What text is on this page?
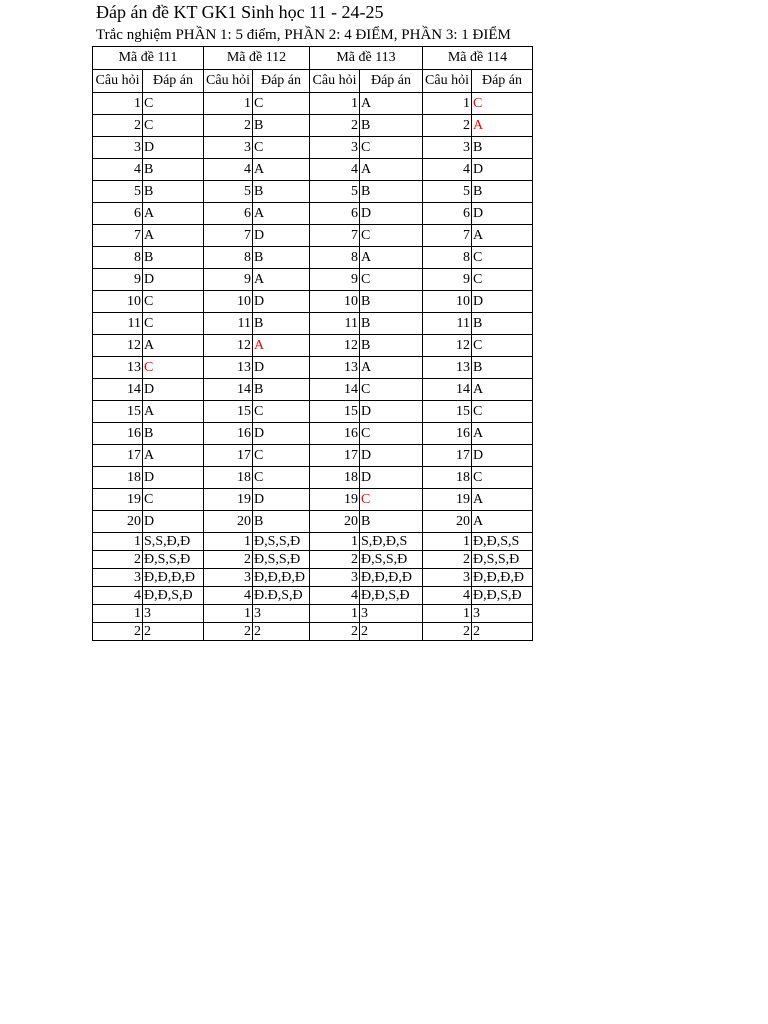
Đáp án đề KT GK1 Sinh học 11 - 24-25
Trắc nghiệm PHẦN 1: 5 điểm, PHẦN 2: 4 ĐIỂM, PHẦN 3: 1 ĐIỂM
Mã đề 111		Mã đề 112		Mã đề 113		Mã đề 114	
Câu hỏi	Đáp án	Câu hỏi	Đáp án	Câu hỏi	Đáp án	Câu hỏi	Đáp án
1	C	1	C	1	A	1	C
2	C	2	B	2	B	2	A
3	D	3	C	3	C	3	B
4	B	4	A	4	A	4	D
5	B	5	B	5	B	5	B
6	A	6	A	6	D	6	D
7	A	7	D	7	C	7	A
8	B	8	B	8	A	8	C
9	D	9	A	9	C	9	C
10	C	10	D	10	B	10	D
11	C	11	B	11	B	11	B
12	A	12	A	12	B	12	C
13	C	13	D	13	A	13	B
14	D	14	B	14	C	14	A
15	A	15	C	15	D	15	C
16	B	16	D	16	C	16	A
17	A	17	C	17	D	17	D
18	D	18	C	18	D	18	C
19	C	19	D	19	C	19	A
20	D	20	B	20	B	20	A
1	S,S,Đ,Đ	1	Đ,S,S,Đ	1	S,Đ,Đ,S	1	Đ,Đ,S,S
2	Đ,S,S,Đ	2	Đ,S,S,Đ	2	Đ,S,S,Đ	2	Đ,S,S,Đ
3	Đ,Đ,Đ,Đ	3	Đ,Đ,Đ,Đ	3	Đ,Đ,Đ,Đ	3	Đ,Đ,Đ,Đ
4	Đ,Đ,S,Đ	4	Đ.Đ,S,Đ	4	Đ,Đ,S,Đ	4	Đ,Đ,S,Đ
1	3	1	3	1	3	1	3
2	2	2	2	2	2	2	2
